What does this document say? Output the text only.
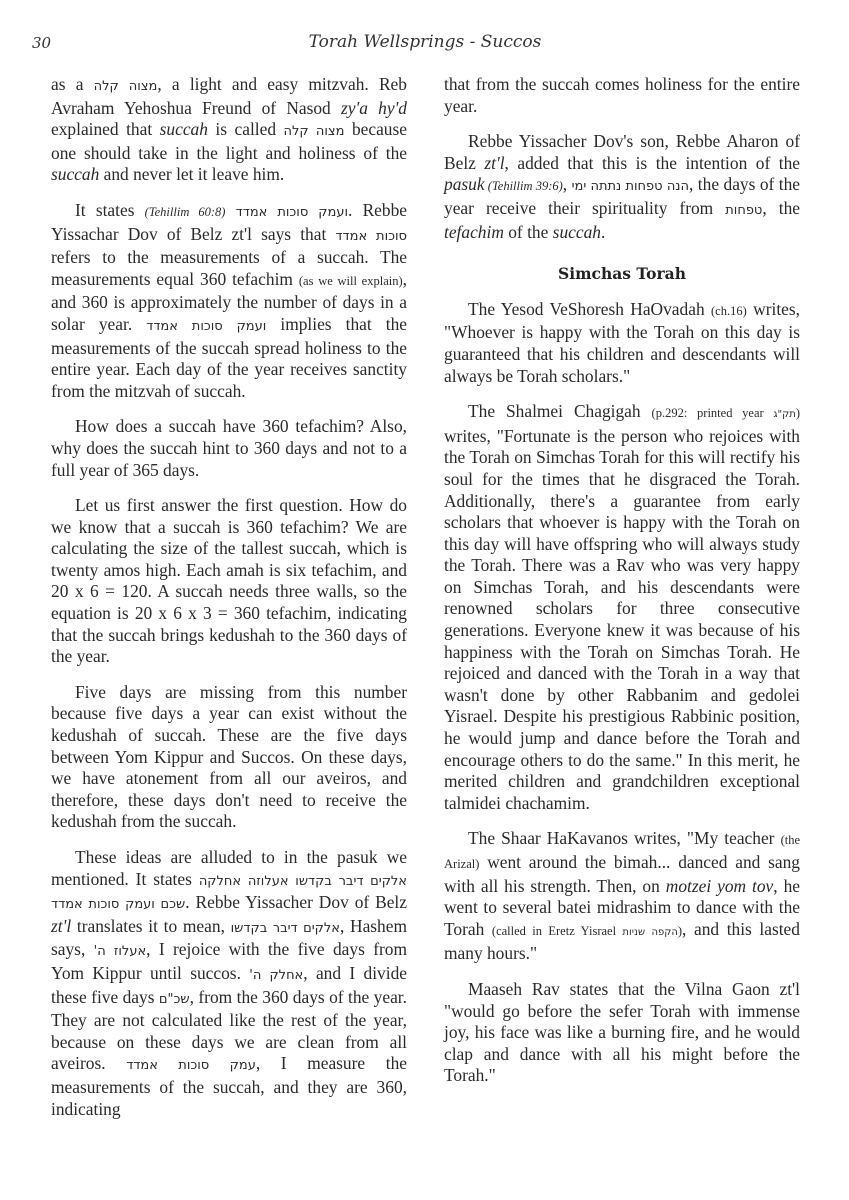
30	Torah Wellsprings - Succos

as a מצוה קלה, a light and easy mitzvah. Reb Avraham Yehoshua Freund of Nasod zy'a hy'd explained that succah is called מצוה קלה because one should take in the light and holiness of the succah and never let it leave him.

It states (Tehillim 60:8) ועמק סוכות אמדד. Rebbe Yissachar Dov of Belz zt'l says that סוכות אמדד refers to the measurements of a succah. The measurements equal 360 tefachim (as we will explain), and 360 is approximately the number of days in a solar year. ועמק סוכות אמדד implies that the measurements of the succah spread holiness to the entire year. Each day of the year receives sanctity from the mitzvah of succah.

How does a succah have 360 tefachim? Also, why does the succah hint to 360 days and not to a full year of 365 days.

Let us first answer the first question. How do we know that a succah is 360 tefachim? We are calculating the size of the tallest succah, which is twenty amos high. Each amah is six tefachim, and 20 x 6 = 120. A succah needs three walls, so the equation is 20 x 6 x 3 = 360 tefachim, indicating that the succah brings kedushah to the 360 days of the year.

Five days are missing from this number because five days a year can exist without the kedushah of succah. These are the five days between Yom Kippur and Succos. On these days, we have atonement from all our aveiros, and therefore, these days don't need to receive the kedushah from the succah.

These ideas are alluded to in the pasuk we mentioned. It states אלקים דיבר בקדשו אעלוזה אחלקה שכם ועמק סוכות אמדד. Rebbe Yissacher Dov of Belz zt'l translates it to mean, אלקים דיבר בקדשו, Hashem says, אעלוז ה', I rejoice with the five days from Yom Kippur until succos. אחלק ה', and I divide these five days שכ"ם, from the 360 days of the year. They are not calculated like the rest of the year, because on these days we are clean from all aveiros. עמק סוכות אמדד, I measure the measurements of the succah, and they are 360, indicating

that from the succah comes holiness for the entire year.

Rebbe Yissacher Dov's son, Rebbe Aharon of Belz zt'l, added that this is the intention of the pasuk (Tehillim 39:6), הנה טפחות נתתה ימי, the days of the year receive their spirituality from טפחות, the tefachim of the succah.

Simchas Torah

The Yesod VeShoresh HaOvadah (ch.16) writes, "Whoever is happy with the Torah on this day is guaranteed that his children and descendants will always be Torah scholars."

The Shalmei Chagigah (p.292: printed year תק"ג) writes, "Fortunate is the person who rejoices with the Torah on Simchas Torah for this will rectify his soul for the times that he disgraced the Torah. Additionally, there's a guarantee from early scholars that whoever is happy with the Torah on this day will have offspring who will always study the Torah. There was a Rav who was very happy on Simchas Torah, and his descendants were renowned scholars for three consecutive generations. Everyone knew it was because of his happiness with the Torah on Simchas Torah. He rejoiced and danced with the Torah in a way that wasn't done by other Rabbanim and gedolei Yisrael. Despite his prestigious Rabbinic position, he would jump and dance before the Torah and encourage others to do the same." In this merit, he merited children and grandchildren exceptional talmidei chachamim.

The Shaar HaKavanos writes, "My teacher (the Arizal) went around the bimah... danced and sang with all his strength. Then, on motzei yom tov, he went to several batei midrashim to dance with the Torah (called in Eretz Yisrael הקפה שניות), and this lasted many hours."

Maaseh Rav states that the Vilna Gaon zt'l "would go before the sefer Torah with immense joy, his face was like a burning fire, and he would clap and dance with all his might before the Torah."
